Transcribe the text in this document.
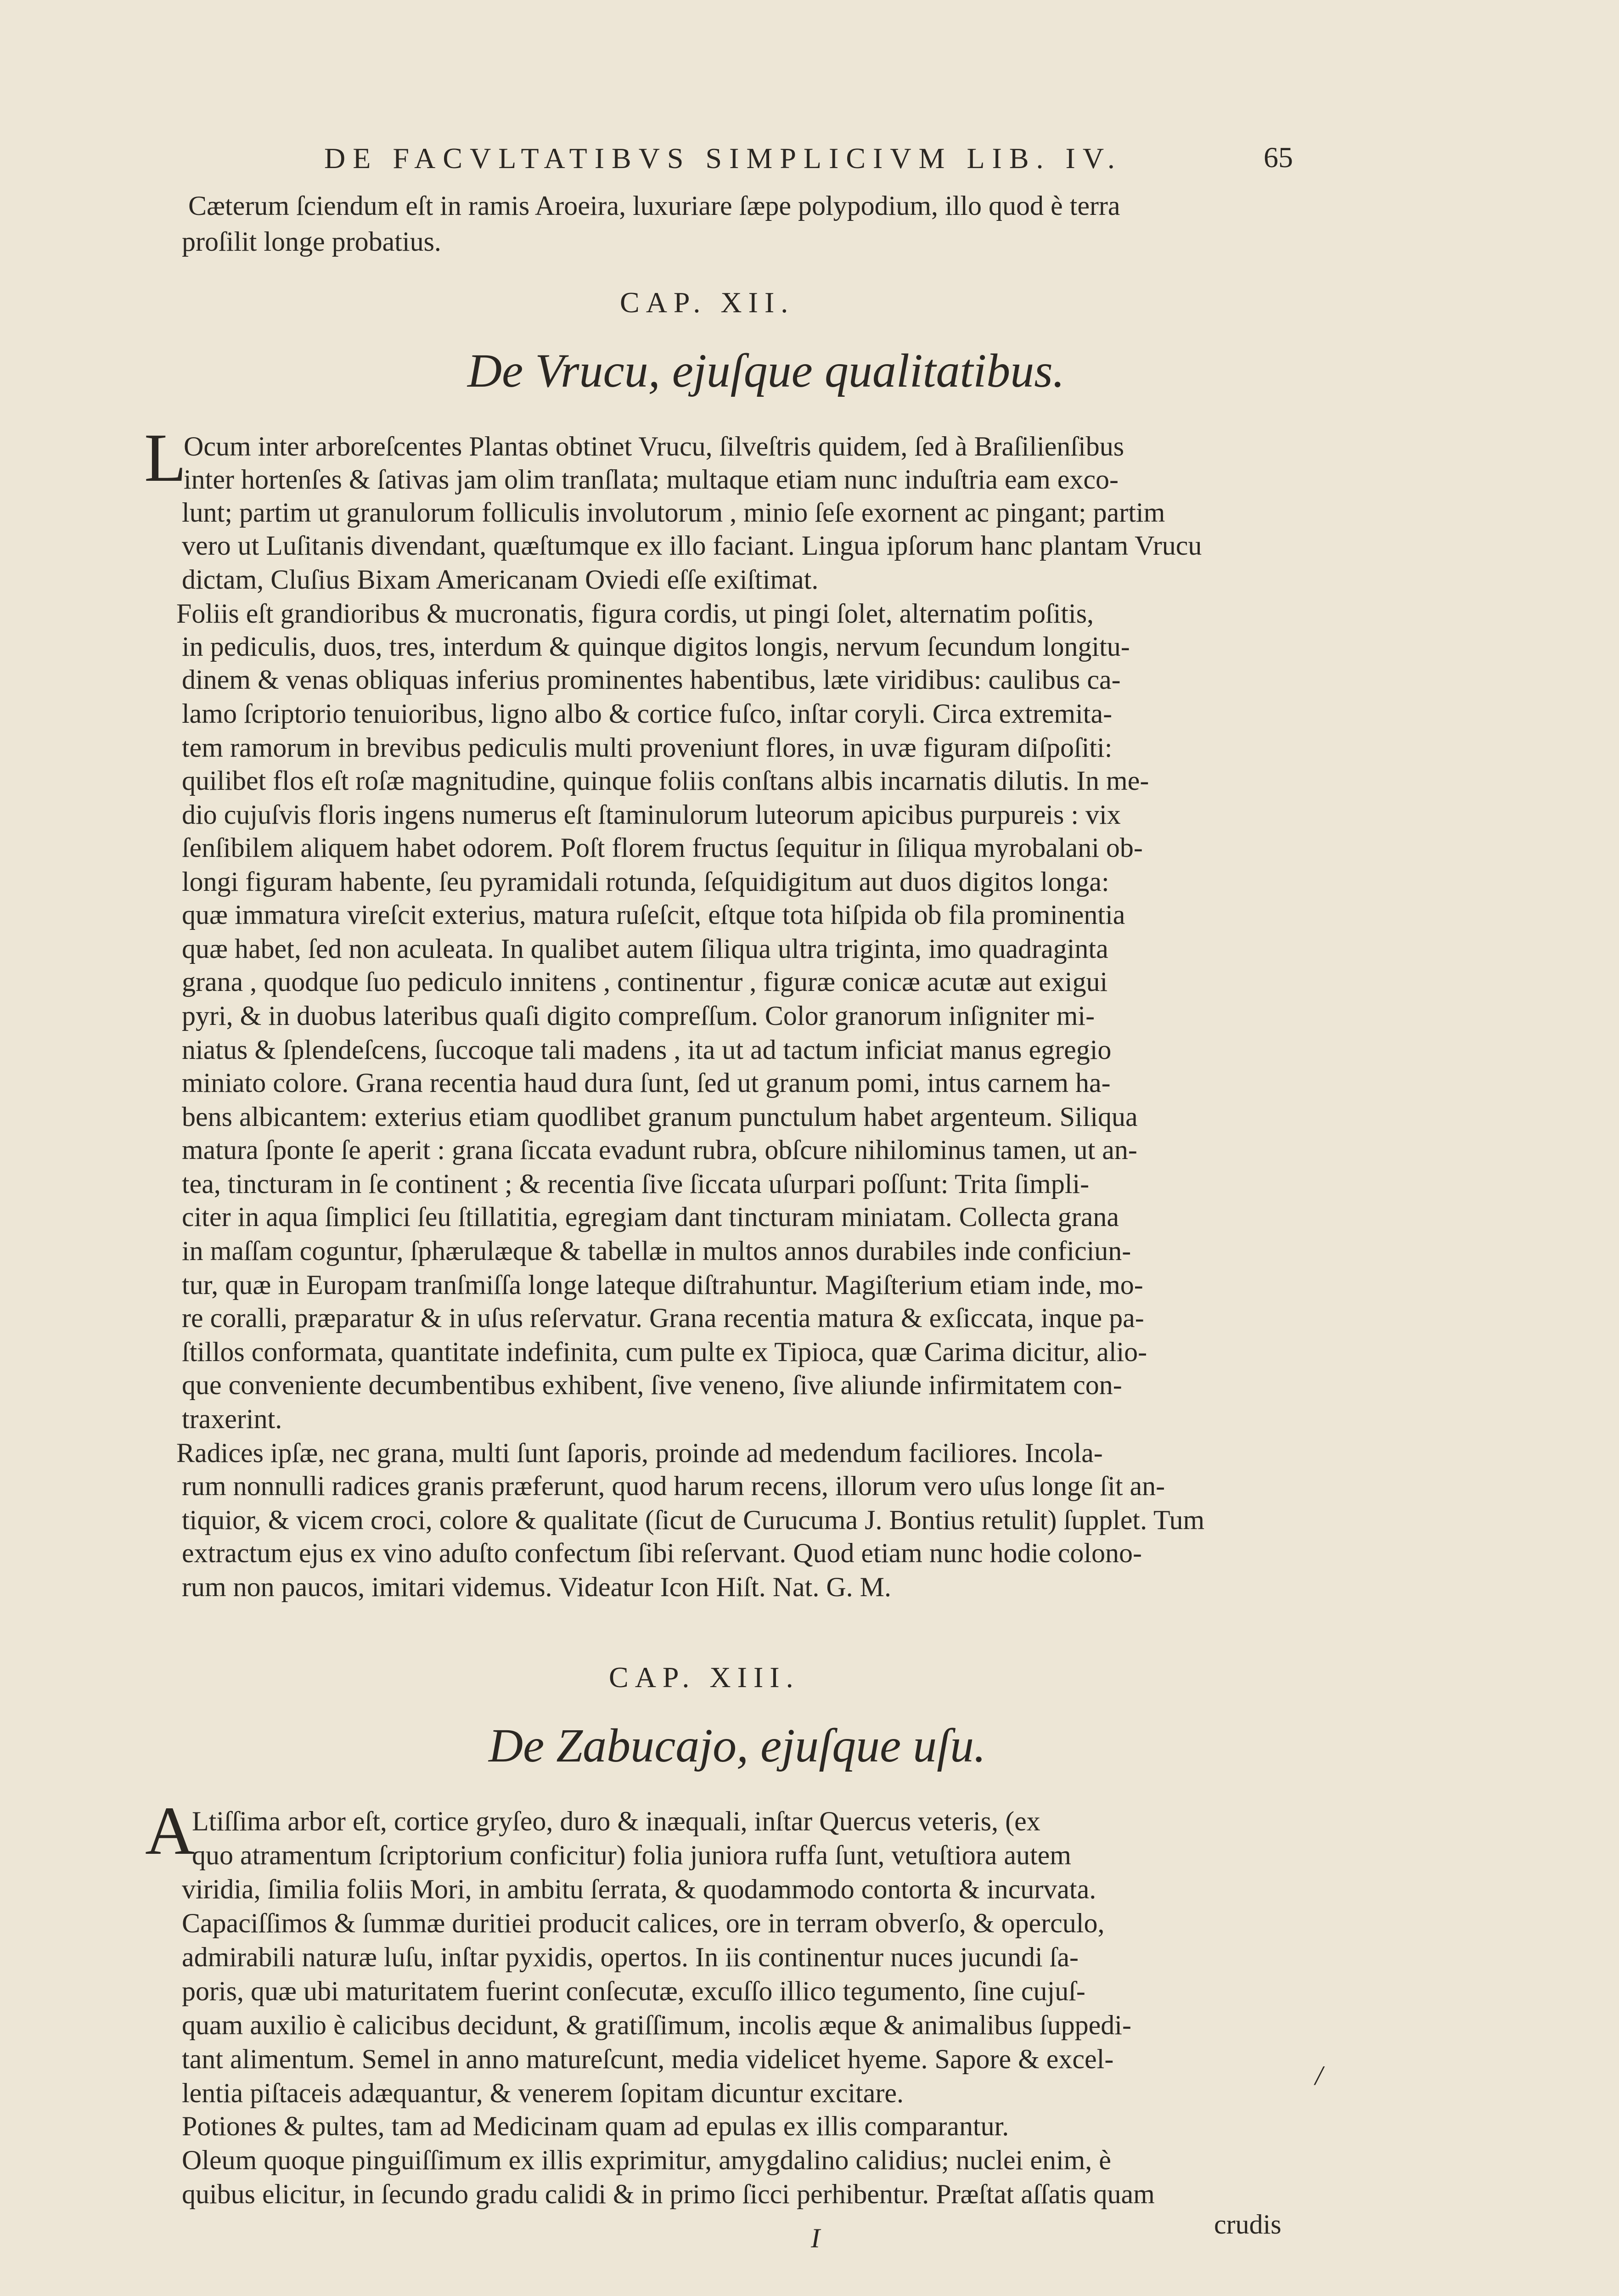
DE FACVLTATIBVS SIMPLICIVM LIB. IV.	65
Cæterum ſciendum eſt in ramis Aroeira, luxuriare ſæpe polypodium, illo quod è terra
proſilit longe probatius.
CAP. XII.
De Vrucu, ejuſque qualitatibus.
L
Ocum inter arboreſcentes Plantas obtinet Vrucu, ſilveſtris quidem, ſed à Braſilienſibus
inter hortenſes & ſativas jam olim tranſlata; multaque etiam nunc induſtria eam exco-
lunt; partim ut granulorum folliculis involutorum , minio ſeſe exornent ac pingant; partim
vero ut Luſitanis divendant, quæſtumque ex illo faciant. Lingua ipſorum hanc plantam Vrucu
dictam, Cluſius Bixam Americanam Oviedi eſſe exiſtimat.
Foliis eſt grandioribus & mucronatis, figura cordis, ut pingi ſolet, alternatim poſitis,
in pediculis, duos, tres, interdum & quinque digitos longis, nervum ſecundum longitu-
dinem & venas obliquas inferius prominentes habentibus, læte viridibus: caulibus ca-
lamo ſcriptorio tenuioribus, ligno albo & cortice fuſco, inſtar coryli. Circa extremita-
tem ramorum in brevibus pediculis multi proveniunt flores, in uvæ figuram diſpoſiti:
quilibet flos eſt roſæ magnitudine, quinque foliis conſtans albis incarnatis dilutis. In me-
dio cujuſvis floris ingens numerus eſt ſtaminulorum luteorum apicibus purpureis : vix
ſenſibilem aliquem habet odorem. Poſt florem fructus ſequitur in ſiliqua myrobalani ob-
longi figuram habente, ſeu pyramidali rotunda, ſeſquidigitum aut duos digitos longa:
quæ immatura vireſcit exterius, matura ruſeſcit, eſtque tota hiſpida ob fila prominentia
quæ habet, ſed non aculeata. In qualibet autem ſiliqua ultra triginta, imo quadraginta
grana , quodque ſuo pediculo innitens , continentur , figuræ conicæ acutæ aut exigui
pyri, & in duobus lateribus quaſi digito compreſſum. Color granorum inſigniter mi-
niatus & ſplendeſcens, ſuccoque tali madens , ita ut ad tactum inficiat manus egregio
miniato colore. Grana recentia haud dura ſunt, ſed ut granum pomi, intus carnem ha-
bens albicantem: exterius etiam quodlibet granum punctulum habet argenteum. Siliqua
matura ſponte ſe aperit : grana ſiccata evadunt rubra, obſcure nihilominus tamen, ut an-
tea, tincturam in ſe continent ; & recentia ſive ſiccata uſurpari poſſunt: Trita ſimpli-
citer in aqua ſimplici ſeu ſtillatitia, egregiam dant tincturam miniatam. Collecta grana
in maſſam coguntur, ſphærulæque & tabellæ in multos annos durabiles inde conficiun-
tur, quæ in Europam tranſmiſſa longe lateque diſtrahuntur. Magiſterium etiam inde, mo-
re coralli, præparatur & in uſus reſervatur. Grana recentia matura & exſiccata, inque pa-
ſtillos conformata, quantitate indefinita, cum pulte ex Tipioca, quæ Carima dicitur, alio-
que conveniente decumbentibus exhibent, ſive veneno, ſive aliunde infirmitatem con-
traxerint.
Radices ipſæ, nec grana, multi ſunt ſaporis, proinde ad medendum faciliores. Incola-
rum nonnulli radices granis præferunt, quod harum recens, illorum vero uſus longe ſit an-
tiquior, & vicem croci, colore & qualitate (ſicut de Curucuma J. Bontius retulit) ſupplet. Tum
extractum ejus ex vino aduſto confectum ſibi reſervant. Quod etiam nunc hodie colono-
rum non paucos, imitari videmus. Videatur Icon Hiſt. Nat. G. M.
CAP. XIII.
De Zabucajo, ejuſque uſu.
A
Ltiſſima arbor eſt, cortice gryſeo, duro & inæquali, inſtar Quercus veteris, (ex
quo atramentum ſcriptorium conficitur) folia juniora ruffa ſunt, vetuſtiora autem
viridia, ſimilia foliis Mori, in ambitu ſerrata, & quodammodo contorta & incurvata.
Capaciſſimos & ſummæ duritiei producit calices, ore in terram obverſo, & operculo,
admirabili naturæ luſu, inſtar pyxidis, opertos. In iis continentur nuces jucundi ſa-
poris, quæ ubi maturitatem fuerint conſecutæ, excuſſo illico tegumento, ſine cujuſ-
quam auxilio è calicibus decidunt, & gratiſſimum, incolis æque & animalibus ſuppedi-
tant alimentum. Semel in anno matureſcunt, media videlicet hyeme. Sapore & excel-
lentia piſtaceis adæquantur, & venerem ſopitam dicuntur excitare.
Potiones & pultes, tam ad Medicinam quam ad epulas ex illis comparantur.
Oleum quoque pinguiſſimum ex illis exprimitur, amygdalino calidius; nuclei enim, è
quibus elicitur, in ſecundo gradu calidi & in primo ſicci perhibentur. Præſtat aſſatis quam
/
I	crudis
